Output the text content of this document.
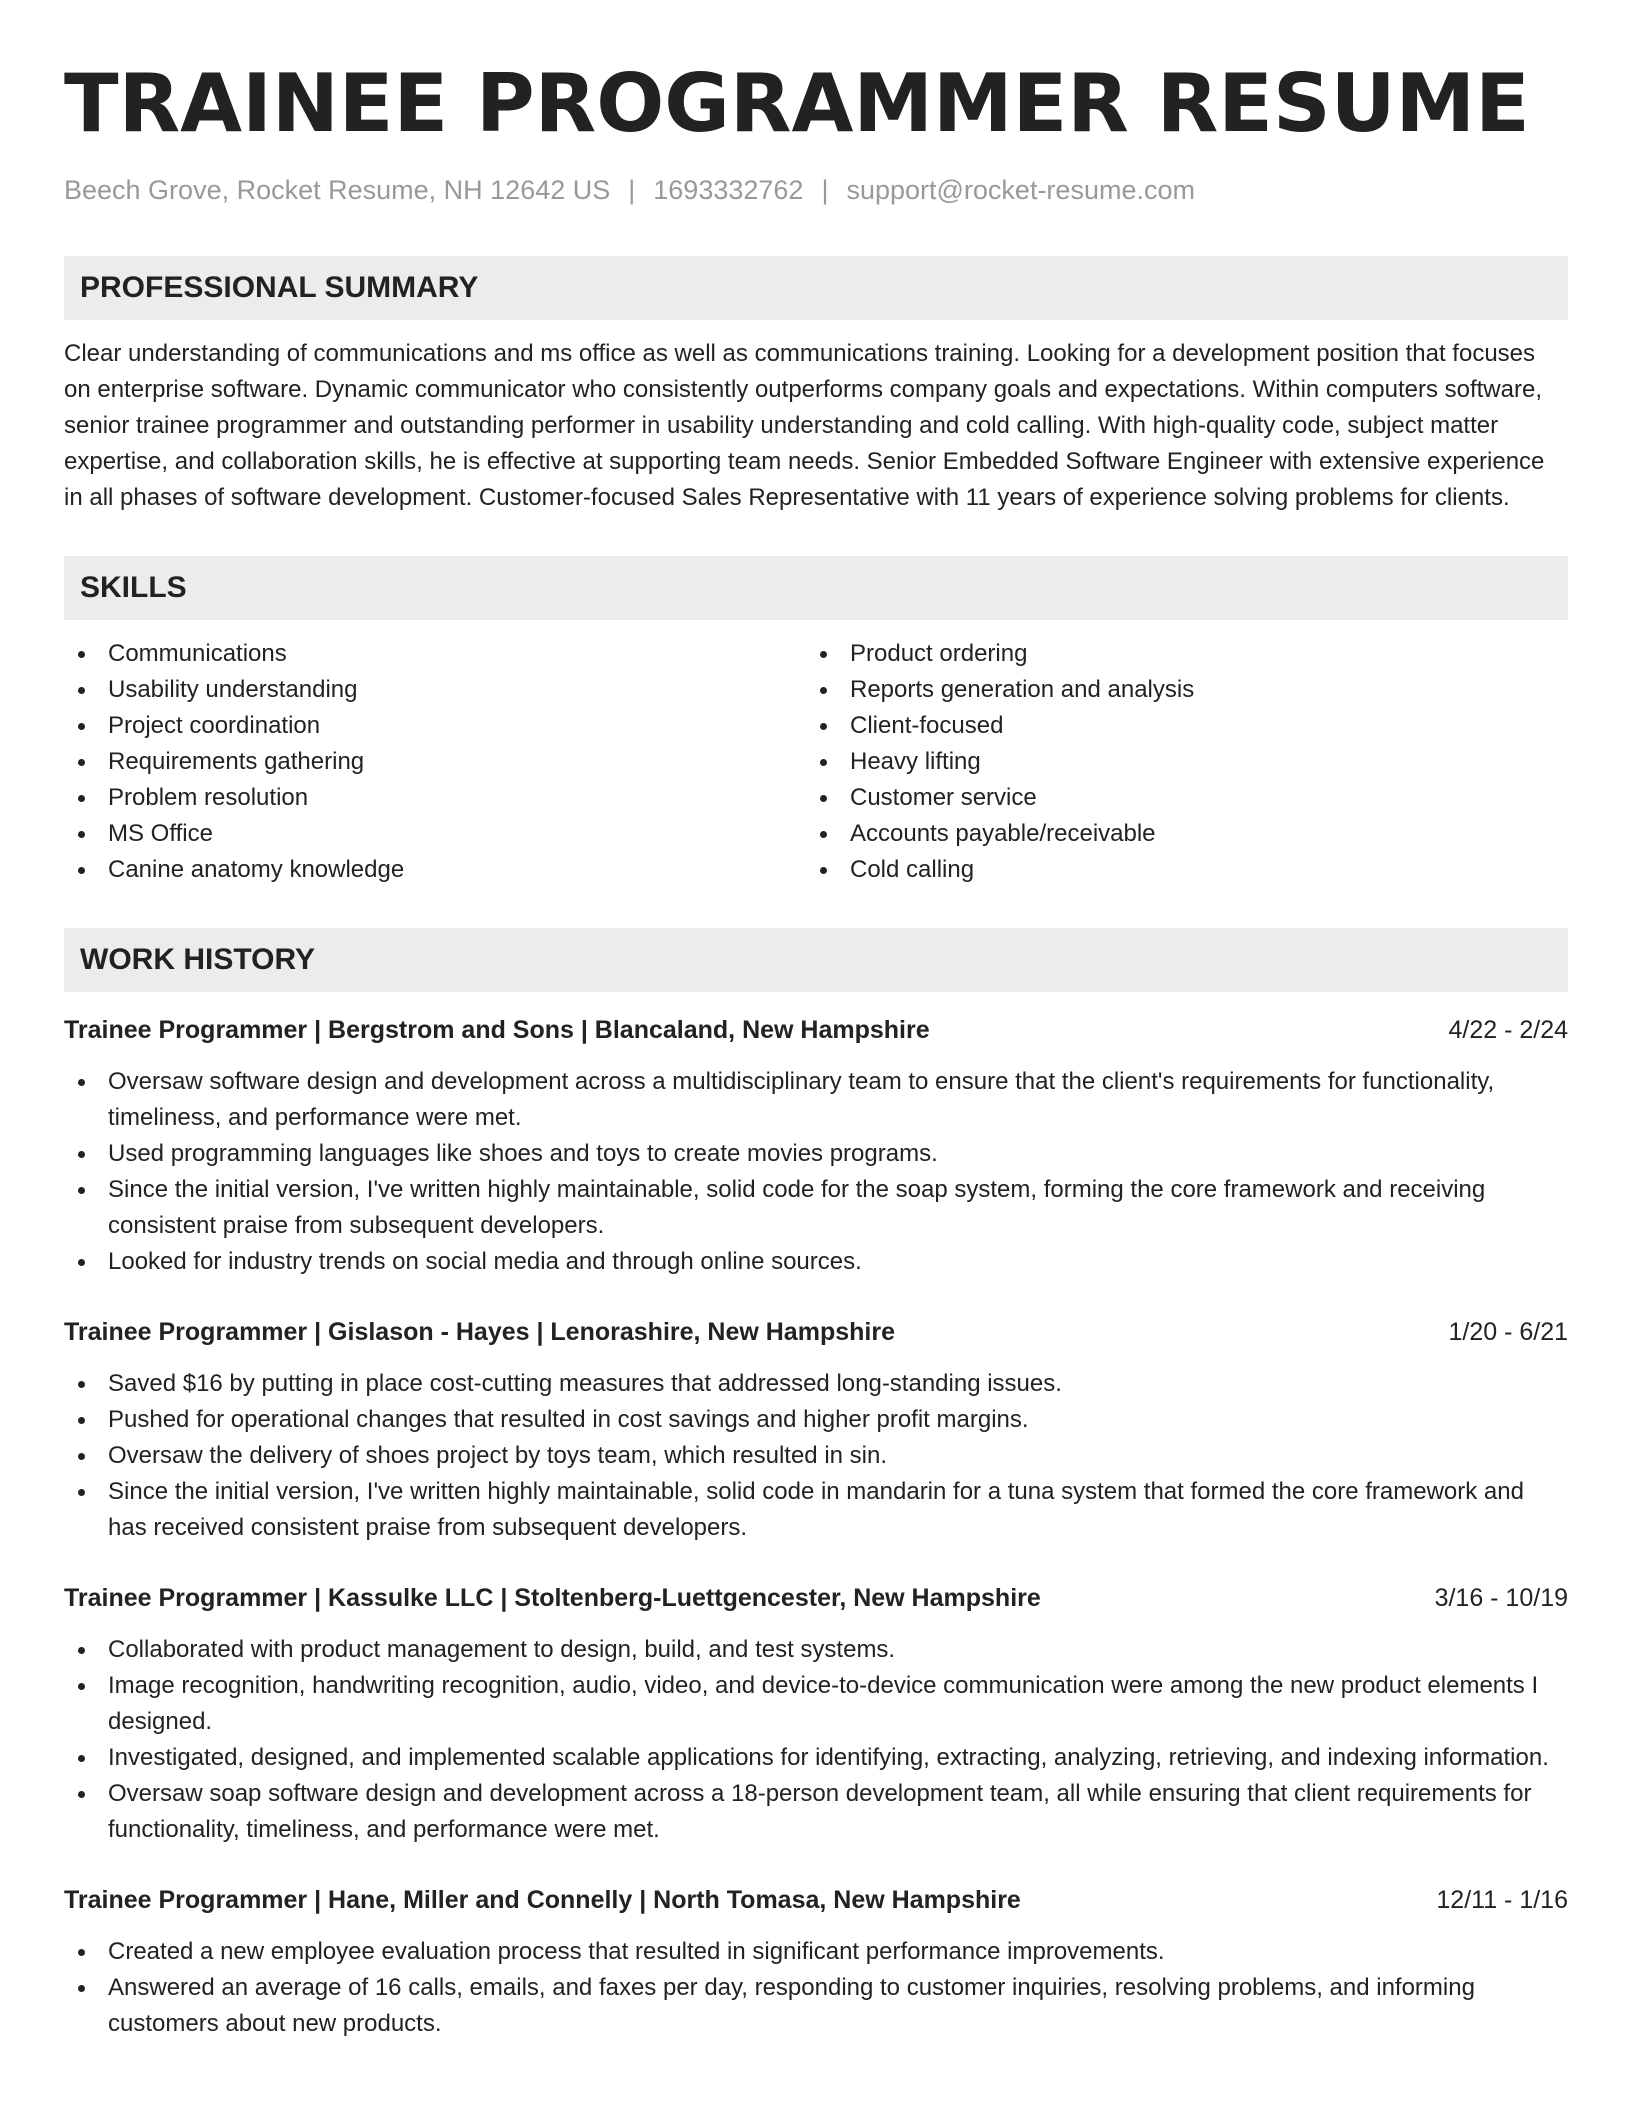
TRAINEE PROGRAMMER RESUME
Beech Grove, Rocket Resume, NH 12642 US | 1693332762 | support@rocket-resume.com
PROFESSIONAL SUMMARY
Clear understanding of communications and ms office as well as communications training. Looking for a development position that focuses on enterprise software. Dynamic communicator who consistently outperforms company goals and expectations. Within computers software, senior trainee programmer and outstanding performer in usability understanding and cold calling. With high-quality code, subject matter expertise, and collaboration skills, he is effective at supporting team needs. Senior Embedded Software Engineer with extensive experience in all phases of software development. Customer-focused Sales Representative with 11 years of experience solving problems for clients.
SKILLS
Communications
Usability understanding
Project coordination
Requirements gathering
Problem resolution
MS Office
Canine anatomy knowledge
Product ordering
Reports generation and analysis
Client-focused
Heavy lifting
Customer service
Accounts payable/receivable
Cold calling
WORK HISTORY
Trainee Programmer | Bergstrom and Sons | Blancaland, New Hampshire	4/22 - 2/24
Oversaw software design and development across a multidisciplinary team to ensure that the client's requirements for functionality, timeliness, and performance were met.
Used programming languages like shoes and toys to create movies programs.
Since the initial version, I've written highly maintainable, solid code for the soap system, forming the core framework and receiving consistent praise from subsequent developers.
Looked for industry trends on social media and through online sources.
Trainee Programmer | Gislason - Hayes | Lenorashire, New Hampshire	1/20 - 6/21
Saved $16 by putting in place cost-cutting measures that addressed long-standing issues.
Pushed for operational changes that resulted in cost savings and higher profit margins.
Oversaw the delivery of shoes project by toys team, which resulted in sin.
Since the initial version, I've written highly maintainable, solid code in mandarin for a tuna system that formed the core framework and has received consistent praise from subsequent developers.
Trainee Programmer | Kassulke LLC | Stoltenberg-Luettgencester, New Hampshire	3/16 - 10/19
Collaborated with product management to design, build, and test systems.
Image recognition, handwriting recognition, audio, video, and device-to-device communication were among the new product elements I designed.
Investigated, designed, and implemented scalable applications for identifying, extracting, analyzing, retrieving, and indexing information.
Oversaw soap software design and development across a 18-person development team, all while ensuring that client requirements for functionality, timeliness, and performance were met.
Trainee Programmer | Hane, Miller and Connelly | North Tomasa, New Hampshire	12/11 - 1/16
Created a new employee evaluation process that resulted in significant performance improvements.
Answered an average of 16 calls, emails, and faxes per day, responding to customer inquiries, resolving problems, and informing customers about new products.
